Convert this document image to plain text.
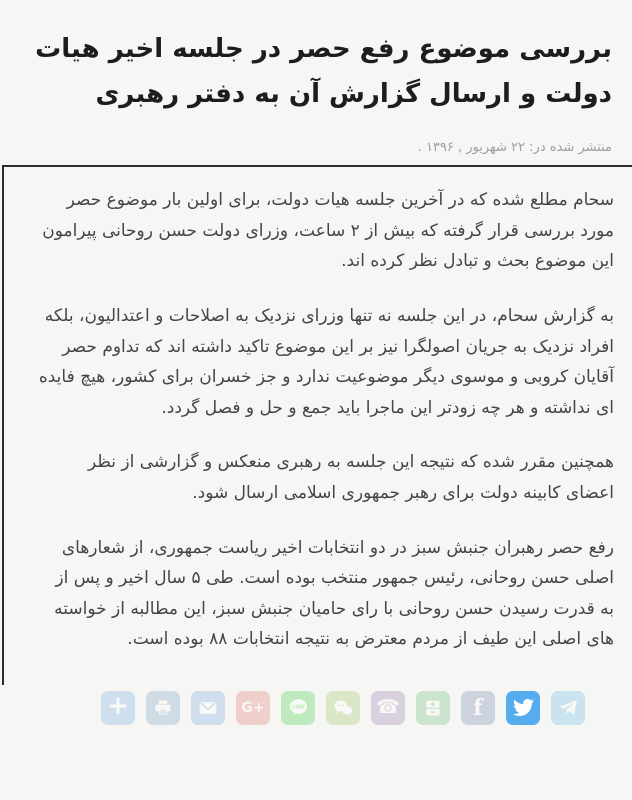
بررسی موضوع رفع حصر در جلسه اخیر هیات دولت و ارسال گزارش آن به دفتر رهبری
منتشر شده در: ۲۲ شهریور , ۱۳۹۶ .

سحام مطلع شده که در آخرین جلسه هیات دولت، برای اولین بار موضوع حصر مورد بررسی قرار گرفته که بیش از ۲ ساعت، وزرای دولت حسن روحانی پیرامون این موضوع بحث و تبادل نظر کرده اند.

به گزارش سحام، در این جلسه نه تنها وزرای نزدیک به اصلاحات و اعتدالیون، بلکه افراد نزدیک به جریان اصولگرا نیز بر این موضوع تاکید داشته اند که تداوم حصر آقایان کروبی و موسوی دیگر موضوعیت ندارد و جز خسران برای کشور، هیچ فایده ای نداشته و هر چه زودتر این ماجرا باید جمع و حل و فصل گردد.

همچنین مقرر شده که نتیجه این جلسه به رهبری منعکس و گزارشی از نظر اعضای کابینه دولت برای رهبر جمهوری اسلامی ارسال شود.

رفع حصر رهبران جنبش سبز در دو انتخابات اخیر ریاست جمهوری، از شعارهای اصلی حسن روحانی، رئیس جمهور منتخب بوده است. طی ۵ سال اخیر و پس از به قدرت رسیدن حسن روحانی با رای حامیان جنبش سبز، این مطالبه از خواسته های اصلی این طیف از مردم معترض به نتیجه انتخابات ۸۸ بوده است.

+	G+	LINE	☎	f
